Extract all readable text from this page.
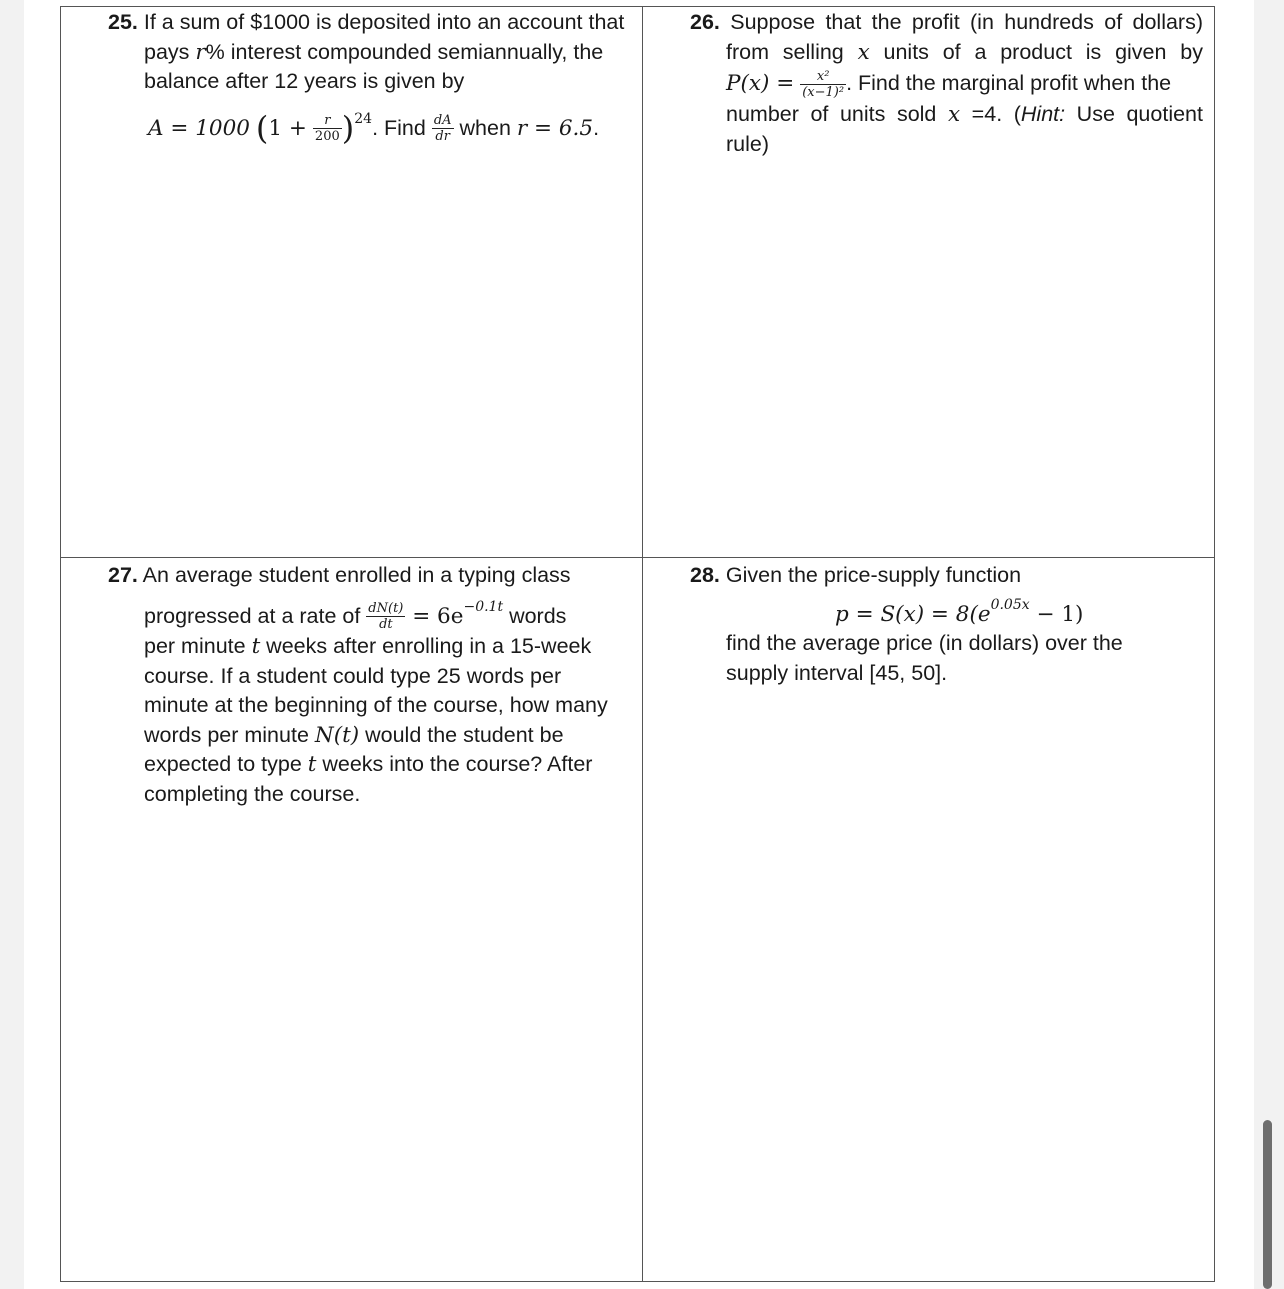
25. If a sum of $1000 is deposited into an account that
pays r% interest compounded semiannually, the
balance after 12 years is given by
A = 1000 $(1 + \frac{r}{200} )^{24}$. Find $\frac{dA}{dr}$ when r = 6.5.
26. Suppose that the profit (in hundreds of dollars)
from selling x units of a product is given by
$P(x) = \frac{\text{x²}}{\text{(x−1)²}}$ . Find the marginal profit when the
number of units sold x =4. (Hint: Use quotient
rule)
27. An average student enrolled in a typing class
progressed at a rate of $\frac{dN(t)}{dt} = 6e^{-0.1t}$ words
per minute t weeks after enrolling in a 15-week
course. If a student could type 25 words per
minute at the beginning of the course, how many
words per minute N(t) would the student be
expected to type t weeks into the course? After
completing the course.
28. Given the price-supply function
$p = S(x) = 8(e^{0.05x} - 1)$
find the average price (in dollars) over the
supply interval [45, 50].
